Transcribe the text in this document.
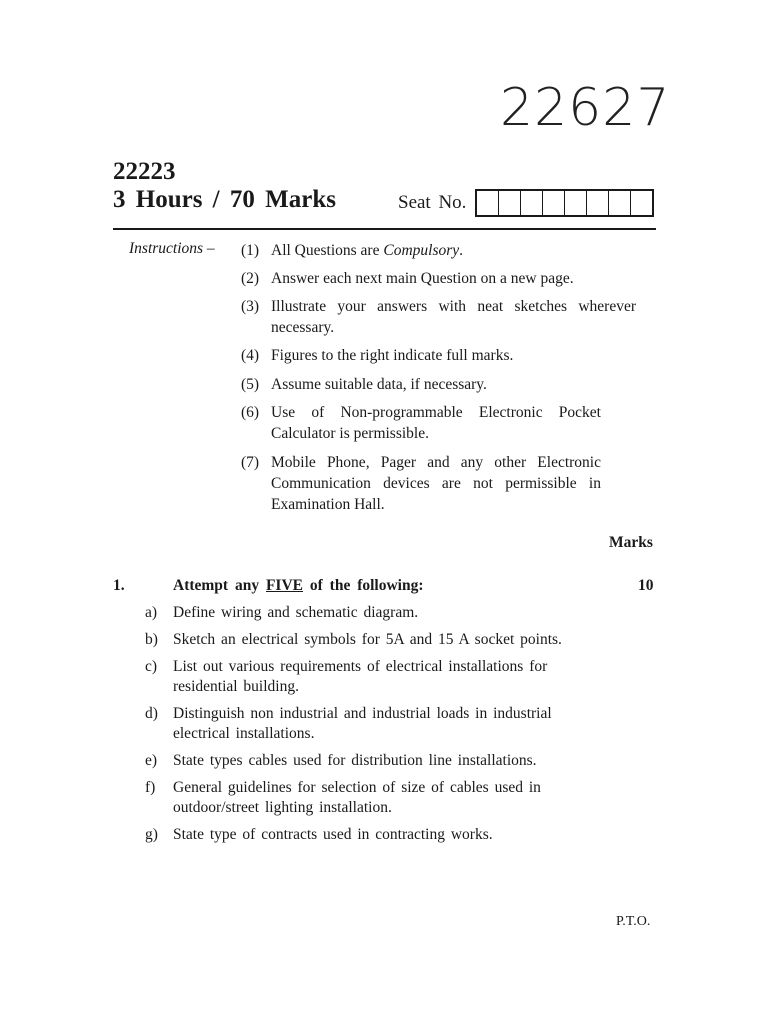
22627
22223
3 Hours / 70 Marks	Seat No.
Instructions – (1) All Questions are Compulsory.
(2) Answer each next main Question on a new page.
(3) Illustrate your answers with neat sketches wherever necessary.
(4) Figures to the right indicate full marks.
(5) Assume suitable data, if necessary.
(6) Use of Non-programmable Electronic Pocket Calculator is permissible.
(7) Mobile Phone, Pager and any other Electronic Communication devices are not permissible in Examination Hall.
Marks
1.	Attempt any FIVE of the following:	10
a) Define wiring and schematic diagram.
b) Sketch an electrical symbols for 5A and 15 A socket points.
c) List out various requirements of electrical installations for residential building.
d) Distinguish non industrial and industrial loads in industrial electrical installations.
e) State types cables used for distribution line installations.
f) General guidelines for selection of size of cables used in outdoor/street lighting installation.
g) State type of contracts used in contracting works.
P.T.O.
